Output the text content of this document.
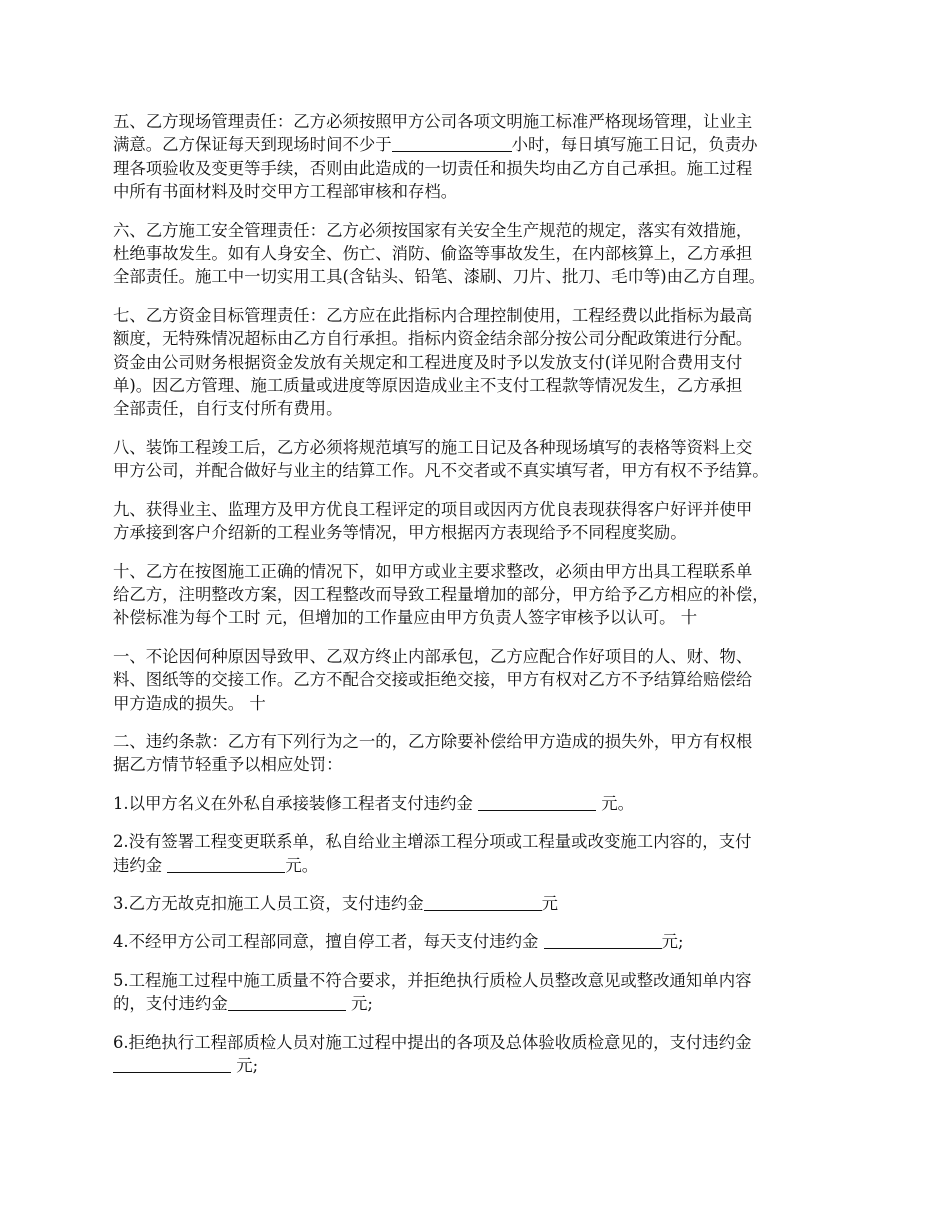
五、乙方现场管理责任：乙方必须按照甲方公司各项文明施工标准严格现场管理，让业主
满意。乙方保证每天到现场时间不少于	小时，每日填写施工日记，负责办
理各项验收及变更等手续，否则由此造成的一切责任和损失均由乙方自己承担。施工过程
中所有书面材料及时交甲方工程部审核和存档。

六、乙方施工安全管理责任：乙方必须按国家有关安全生产规范的规定，落实有效措施，
杜绝事故发生。如有人身安全、伤亡、消防、偷盗等事故发生，在内部核算上，乙方承担
全部责任。施工中一切实用工具(含钻头、铅笔、漆刷、刀片、批刀、毛巾等)由乙方自理。

七、乙方资金目标管理责任：乙方应在此指标内合理控制使用，工程经费以此指标为最高
额度，无特殊情况超标由乙方自行承担。指标内资金结余部分按公司分配政策进行分配。
资金由公司财务根据资金发放有关规定和工程进度及时予以发放支付(详见附合费用支付
单)。因乙方管理、施工质量或进度等原因造成业主不支付工程款等情况发生，乙方承担
全部责任，自行支付所有费用。

八、装饰工程竣工后，乙方必须将规范填写的施工日记及各种现场填写的表格等资料上交
甲方公司，并配合做好与业主的结算工作。凡不交者或不真实填写者，甲方有权不予结算。

九、获得业主、监理方及甲方优良工程评定的项目或因丙方优良表现获得客户好评并使甲
方承接到客户介绍新的工程业务等情况，甲方根据丙方表现给予不同程度奖励。

十、乙方在按图施工正确的情况下，如甲方或业主要求整改，必须由甲方出具工程联系单
给乙方，注明整改方案，因工程整改而导致工程量增加的部分，甲方给予乙方相应的补偿，
补偿标准为每个工时 元，但增加的工作量应由甲方负责人签字审核予以认可。 十

一、不论因何种原因导致甲、乙双方终止内部承包，乙方应配合作好项目的人、财、物、
料、图纸等的交接工作。乙方不配合交接或拒绝交接，甲方有权对乙方不予结算给赔偿给
甲方造成的损失。 十

二、违约条款：乙方有下列行为之一的，乙方除要补偿给甲方造成的损失外，甲方有权根
据乙方情节轻重予以相应处罚：

1.以甲方名义在外私自承接装修工程者支付违约金	元。

2.没有签署工程变更联系单，私自给业主增添工程分项或工程量或改变施工内容的，支付
违约金	元。

3.乙方无故克扣施工人员工资，支付违约金	元

4.不经甲方公司工程部同意，擅自停工者，每天支付违约金	元;

5.工程施工过程中施工质量不符合要求，并拒绝执行质检人员整改意见或整改通知单内容
的，支付违约金	元;

6.拒绝执行工程部质检人员对施工过程中提出的各项及总体验收质检意见的，支付违约金
元;
